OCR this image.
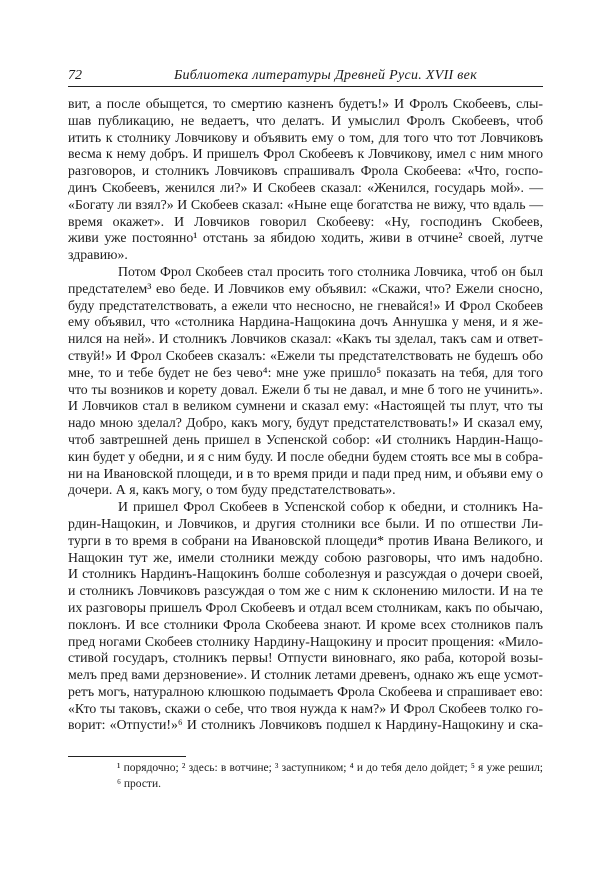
72	Библиотека литературы Древней Руси. XVII век
вит, а после обыщется, то смертию казненъ будетъ!» И Фролъ Скобеевъ, слы-
шав публикацию, не ведаетъ, что делатъ. И умыслил Фролъ Скобеевъ, чтоб
итить к столнику Ловчикову и объявить ему о том, для того что тот Ловчиковъ
весма к нему добръ. И пришелъ Фрол Скобеевъ к Ловчикову, имел с ним много
разговоров, и столникъ Ловчиковъ спрашивалъ Фрола Скобеева: «Что, госпо-
динъ Скобеевъ, женился ли?» И Скобеев сказал: «Женился, государь мой». —
«Богату ли взял?» И Скобеев сказал: «Ныне еще богатства не вижу, что вдаль —
время окажет». И Ловчиков говорил Скобееву: «Ну, господинъ Скобеев,
живи уже постоянно¹ отстань за ябидою ходить, живи в отчине² своей, лутче
здравию».
Потом Фрол Скобеев стал просить того столника Ловчика, чтоб он был
предстателем³ ево беде. И Ловчиков ему объявил: «Скажи, что? Ежели сносно,
буду предстателствовать, а ежели что несносно, не гневайся!» И Фрол Скобеев
ему объявил, что «столника Нардина-Нащокина дочъ Аннушка у меня, и я же-
нился на ней». И столникъ Ловчиков сказал: «Какъ ты зделал, такъ сам и ответ-
ствуй!» И Фрол Скобеев сказалъ: «Ежели ты предстателствовать не будешъ обо
мне, то и тебе будет не без чево⁴: мне уже пришло⁵ показать на тебя, для того
что ты возников и корету довал. Ежели б ты не давал, и мне б того не учинить».
И Ловчиков стал в великом сумнени и сказал ему: «Настоящей ты плут, что ты
надо мною зделал? Добро, какъ могу, будут предстателствовать!» И сказал ему,
чтоб завтрешней день пришел в Успенской собор: «И столникъ Нардин-Нащо-
кин будет у обедни, и я с ним буду. И после обедни будем стоять все мы в собра-
ни на Ивановской площеди, и в то время приди и пади пред ним, и объяви ему о
дочери. А я, какъ могу, о том буду предстателствовать».
И пришел Фрол Скобеев в Успенской собор к обедни, и столникъ На-
рдин-Нащокин, и Ловчиков, и другия столники все были. И по отшестви Ли-
турги в то время в собрани на Ивановской площеди* против Ивана Великого, и
Нащокин тут же, имели столники между собою разговоры, что имъ надобно.
И столникъ Нардинъ-Нащокинъ болше соболезнуя и разсуждая о дочери своей,
и столникъ Ловчиковъ разсуждая о том же с ним к склонению милости. И на те
их разговоры пришелъ Фрол Скобеевъ и отдал всем столникам, какъ по обычаю,
поклонъ. И все столники Фрола Скобеева знают. И кроме всех столников палъ
пред ногами Скобеев столнику Нардину-Нащокину и просит прощения: «Мило-
стивой государъ, столникъ первы! Отпусти виновнаго, яко раба, которой возы-
мелъ пред вами дерзновение». И столник летами древенъ, однако жъ еще усмот-
ретъ могъ, натуралною клюшкою подымаетъ Фрола Скобеева и спрашивает ево:
«Кто ты таковъ, скажи о себе, что твоя нужда к нам?» И Фрол Скобеев толко го-
ворит: «Отпусти!»⁶ И столникъ Ловчиковъ подшел к Нардину-Нащокину и ска-
¹ порядочно; ² здесь: в вотчине; ³ заступником; ⁴ и до тебя дело дойдет; ⁵ я уже решил;
⁶ прости.
